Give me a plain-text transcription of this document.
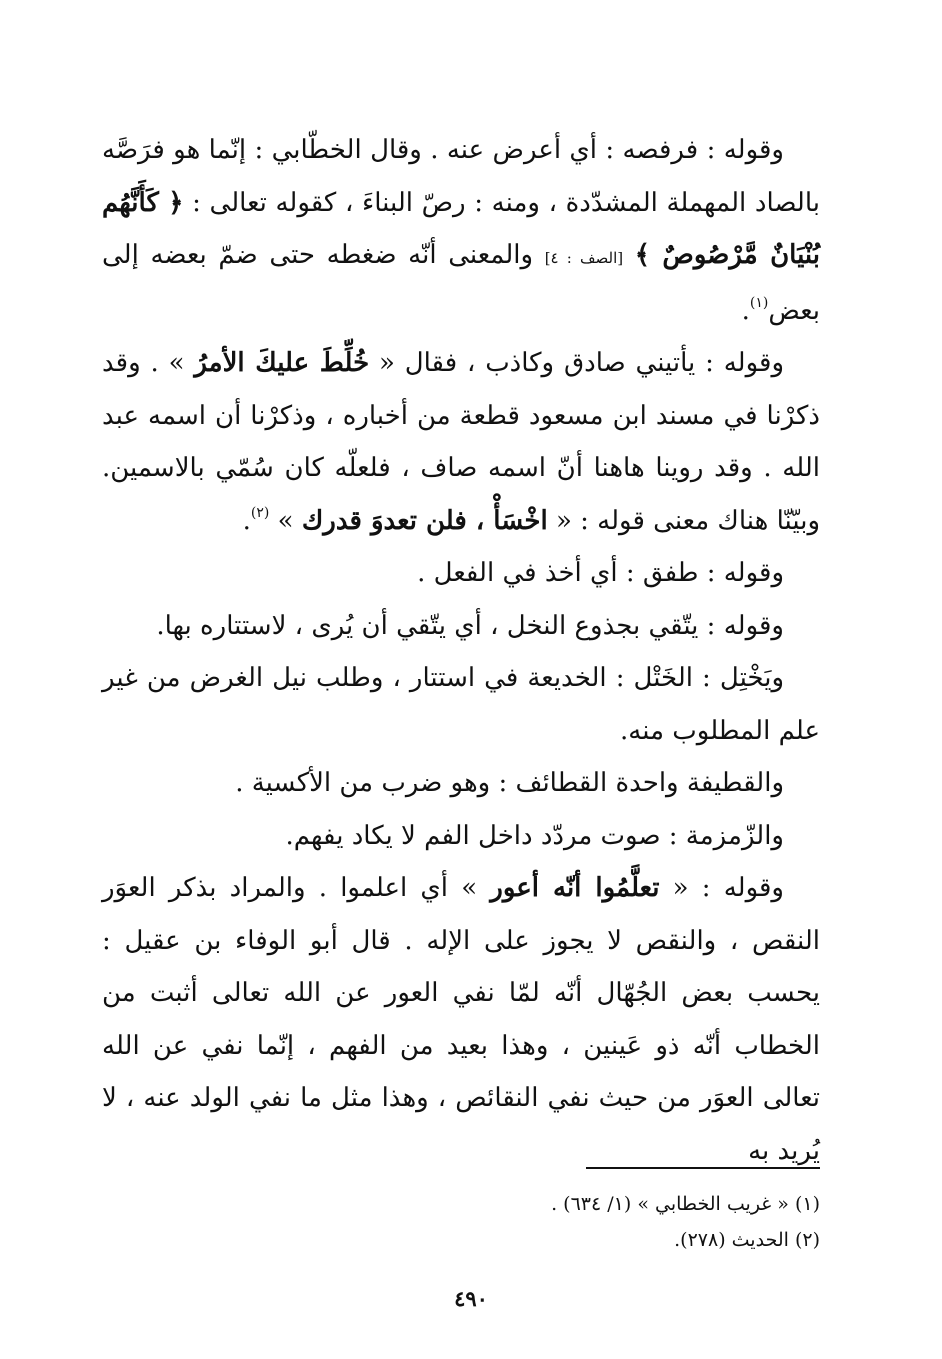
وقوله : فرفصه : أي أعرض عنه . وقال الخطّابي : إنّما هو فرَصَّه بالصاد المهملة المشدّدة ، ومنه : رصّ البناءَ ، كقوله تعالى : ﴿ كَأَنَّهُم بُنْيَانٌ مَّرْصُوصٌ ﴾ [الصف : ٤] والمعنى أنّه ضغطه حتى ضمّ بعضه إلى بعض$^{(١)}$.

وقوله : يأتيني صادق وكاذب ، فقال « خُلِّطَ عليكَ الأمرُ » . وقد ذكرْنا في مسند ابن مسعود قطعة من أخباره ، وذكرْنا أن اسمه عبد الله . وقد روينا هاهنا أنّ اسمه صاف ، فلعلّه كان سُمّي بالاسمين. وبيّنّا هناك معنى قوله : « اخْسَأْ ، فلن تعدوَ قدرك » $^{(٢)}$.

وقوله : طفق : أي أخذ في الفعل .

وقوله : يتّقي بجذوع النخل ، أي يتّقي أن يُرى ، لاستتاره بها.

ويَخْتِل : الخَتْل : الخديعة في استتار ، وطلب نيل الغرض من غير علم المطلوب منه.

والقطيفة واحدة القطائف : وهو ضرب من الأكسية .

والزّمزمة : صوت مردّد داخل الفم لا يكاد يفهم.

وقوله : « تعلَّمُوا أنّه أعور » أي اعلموا . والمراد بذكر العوَر النقص ، والنقص لا يجوز على الإله . قال أبو الوفاء بن عقيل : يحسب بعض الجُهّال أنّه لمّا نفي العور عن الله تعالى أثبت من الخطاب أنّه ذو عَينين ، وهذا بعيد من الفهم ، إنّما نفي عن الله تعالى العوَر من حيث نفي النقائص ، وهذا مثل ما نفي الولد عنه ، لا يُريد به

(١) « غريب الخطابي » (١/ ٦٣٤) .

(٢) الحديث (٢٧٨).

٤٩٠
